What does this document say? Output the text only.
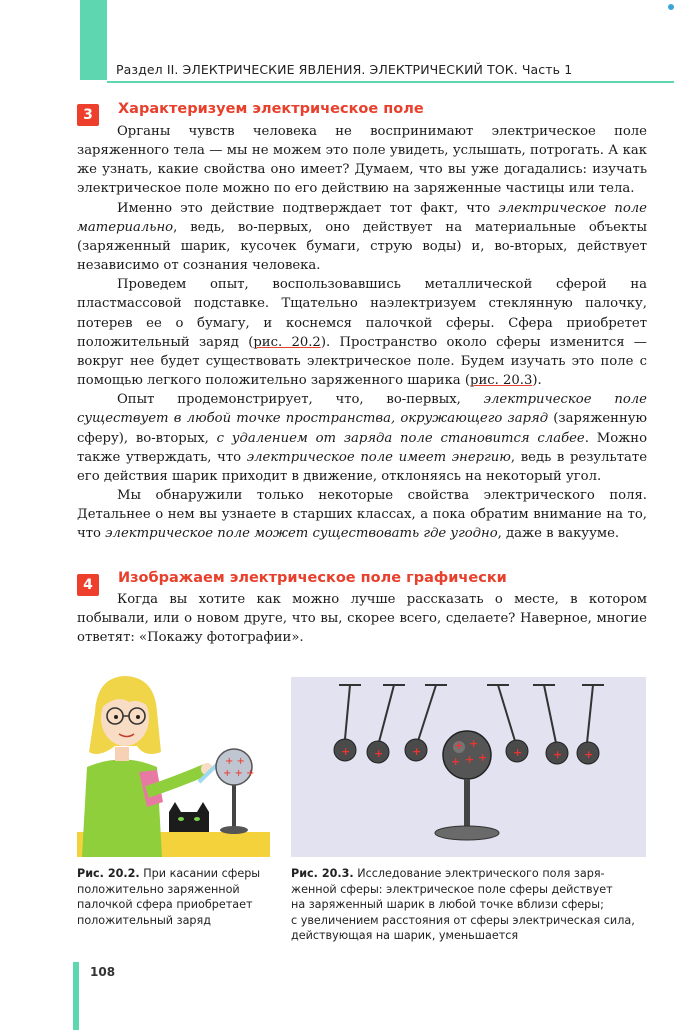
Раздел II. ЭЛЕКТРИЧЕСКИЕ ЯВЛЕНИЯ. ЭЛЕКТРИЧЕСКИЙ ТОК. Часть 1
3	Характеризуем электрическое поле

Органы чувств человека не воспринимают электрическое поле заряженного тела — мы не можем это поле увидеть, услышать, потрогать. А как же узнать, какие свойства оно имеет? Думаем, что вы уже догадались: изучать электрическое поле можно по его действию на заряженные частицы или тела.

Именно это действие подтверждает тот факт, что электрическое поле материально, ведь, во-первых, оно действует на материальные объекты (заряженный шарик, кусочек бумаги, струю воды) и, во-вторых, действует независимо от сознания человека.

Проведем опыт, воспользовавшись металлической сферой на пластмассовой подставке. Тщательно наэлектризуем стеклянную палочку, потерев ее о бумагу, и коснемся палочкой сферы. Сфера приобретет положительный заряд (рис. 20.2). Пространство около сферы изменится — вокруг нее будет существовать электрическое поле. Будем изучать это поле с помощью легкого положительно заряженного шарика (рис. 20.3).

Опыт продемонстрирует, что, во-первых, электрическое поле существует в любой точке пространства, окружающего заряд (заряженную сферу), во-вторых, с удалением от заряда поле становится слабее. Можно также утверждать, что электрическое поле имеет энергию, ведь в результате его действия шарик приходит в движение, отклоняясь на некоторый угол.

Мы обнаружили только некоторые свойства электрического поля. Детальнее о нем вы узнаете в старших классах, а пока обратим внимание на то, что электрическое поле может существовать где угодно, даже в вакууме.

4	Изображаем электрическое поле графически

Когда вы хотите как можно лучше рассказать о месте, в котором побывали, или о новом друге, что вы, скорее всего, сделаете? Наверное, многие ответят: «Покажу фотографии».

+ +
+ + +
+ +	+	+	+ +
+ +
+ + +
Рис. 20.2. При касании сферы
положительно заряженной
палочкой сфера приобретает
положительный заряд
Рис. 20.3. Исследование электрического поля заря-
женной сферы: электрическое поле сферы действует
на заряженный шарик в любой точке вблизи сферы;
с увеличением расстояния от сферы электрическая сила,
действующая на шарик, уменьшается
108
